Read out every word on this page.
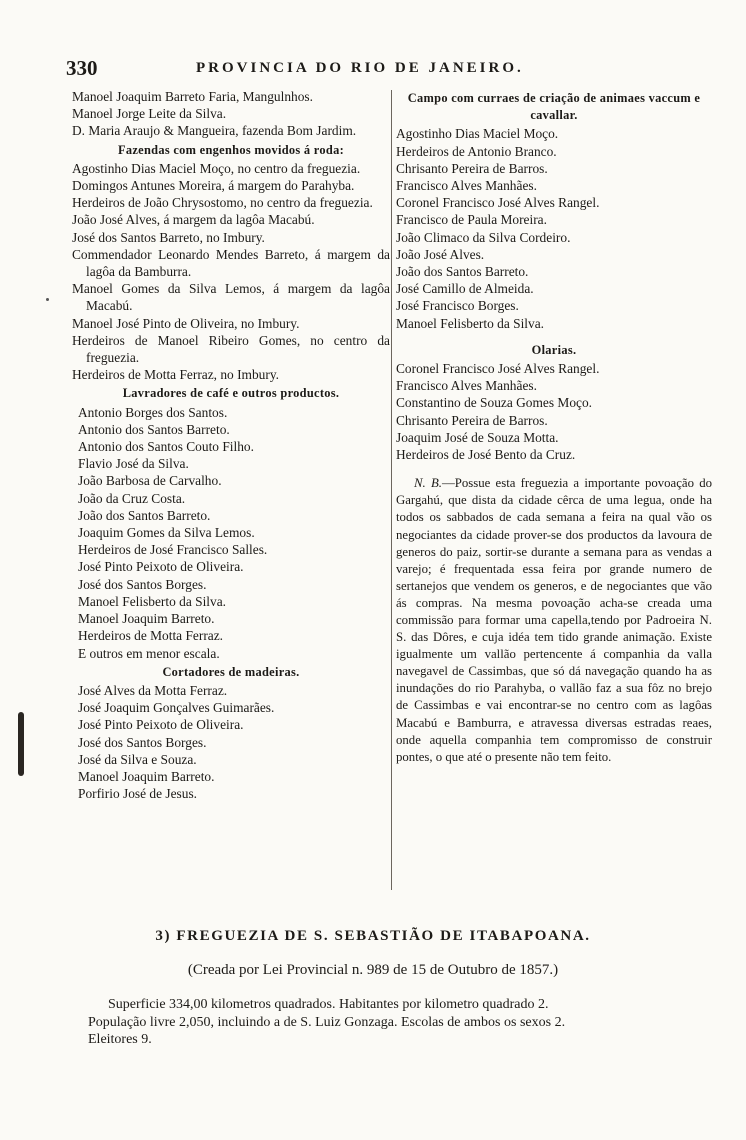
330	PROVINCIA DO RIO DE JANEIRO.
Manoel Joaquim Barreto Faria, Mangulnhos.
Manoel Jorge Leite da Silva.
D. Maria Araujo & Mangueira, fazenda Bom Jardim.
Fazendas com engenhos movidos á roda:
Agostinho Dias Maciel Moço, no centro da freguezia.
Domingos Antunes Moreira, á margem do Parahyba.
Herdeiros de João Chrysostomo, no centro da freguezia.
João José Alves, á margem da lagôa Macabú.
José dos Santos Barreto, no Imbury.
Commendador Leonardo Mendes Barreto, á margem da lagôa da Bamburra.
Manoel Gomes da Silva Lemos, á margem da lagôa Macabú.
Manoel José Pinto de Oliveira, no Imbury.
Herdeiros de Manoel Ribeiro Gomes, no centro da freguezia.
Herdeiros de Motta Ferraz, no Imbury.
Lavradores de café e outros productos.
Antonio Borges dos Santos.
Antonio dos Santos Barreto.
Antonio dos Santos Couto Filho.
Flavio José da Silva.
João Barbosa de Carvalho.
João da Cruz Costa.
João dos Santos Barreto.
Joaquim Gomes da Silva Lemos.
Herdeiros de José Francisco Salles.
José Pinto Peixoto de Oliveira.
José dos Santos Borges.
Manoel Felisberto da Silva.
Manoel Joaquim Barreto.
Herdeiros de Motta Ferraz.
E outros em menor escala.
Cortadores de madeiras.
José Alves da Motta Ferraz.
José Joaquim Gonçalves Guimarães.
José Pinto Peixoto de Oliveira.
José dos Santos Borges.
José da Silva e Souza.
Manoel Joaquim Barreto.
Porfirio José de Jesus.
Campo com curraes de criação de animaes vaccum e cavallar.
Agostinho Dias Maciel Moço.
Herdeiros de Antonio Branco.
Chrisanto Pereira de Barros.
Francisco Alves Manhães.
Coronel Francisco José Alves Rangel.
Francisco de Paula Moreira.
João Climaco da Silva Cordeiro.
João José Alves.
João dos Santos Barreto.
José Camillo de Almeida.
José Francisco Borges.
Manoel Felisberto da Silva.
Olarias.
Coronel Francisco José Alves Rangel.
Francisco Alves Manhães.
Constantino de Souza Gomes Moço.
Chrisanto Pereira de Barros.
Joaquim José de Souza Motta.
Herdeiros de José Bento da Cruz.
N. B.—Possue esta freguezia a importante povoação do Gargahú, que dista da cidade cêrca de uma legua, onde ha todos os sabbados de cada semana a feira na qual vão os negociantes da cidade prover-se dos productos da lavoura de generos do paiz, sortir-se durante a semana para as vendas a varejo; é frequentada essa feira por grande numero de sertanejos que vendem os generos, e de negociantes que vão ás compras. Na mesma povoação acha-se creada uma commissão para formar uma capella,tendo por Padroeira N. S. das Dôres, e cuja idéa tem tido grande animação. Existe igualmente um vallão pertencente á companhia da valla navegavel de Cassimbas, que só dá navegação quando ha as inundações do rio Parahyba, o vallão faz a sua fôz no brejo de Cassimbas e vai encontrar-se no centro com as lagôas Macabú e Bamburra, e atravessa diversas estradas reaes, onde aquella companhia tem compromisso de construir pontes, o que até o presente não tem feito.
3) FREGUEZIA DE S. SEBASTIÃO DE ITABAPOANA.
(Creada por Lei Provincial n. 989 de 15 de Outubro de 1857.)
Superficie 334,00 kilometros quadrados. Habitantes por kilometro quadrado 2.
População livre 2,050, incluindo a de S. Luiz Gonzaga. Escolas de ambos os sexos 2.
Eleitores 9.
